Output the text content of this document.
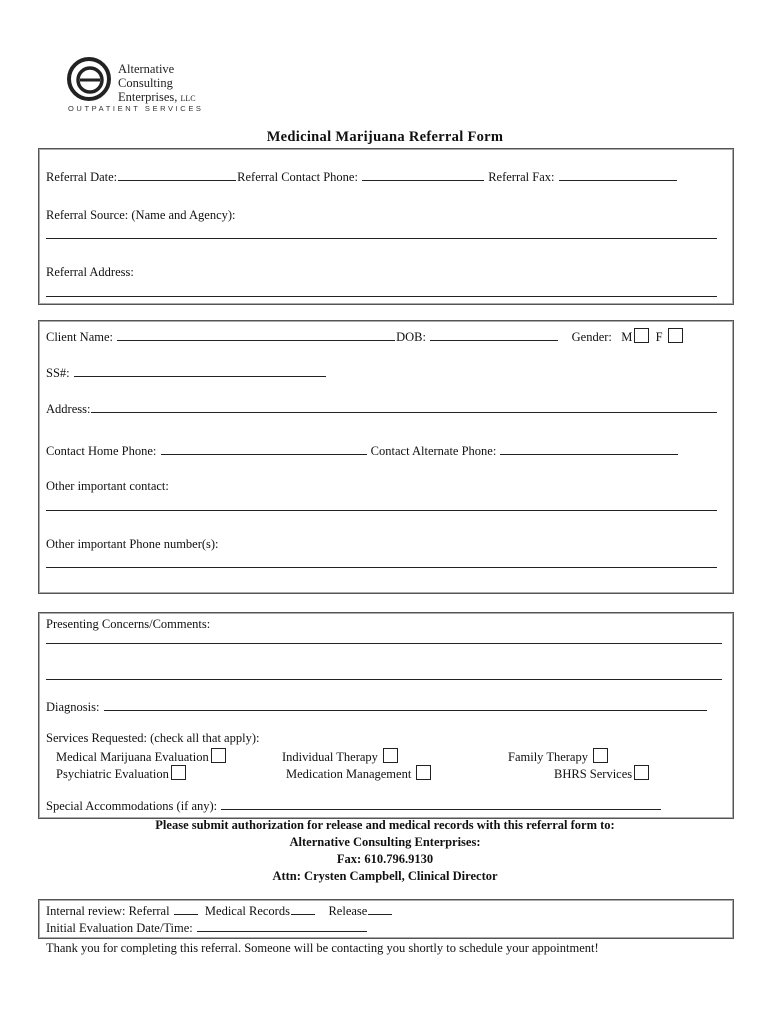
Alternative
Consulting
Enterprises, LLC
OUTPATIENT SERVICES
Medicinal Marijuana Referral Form
Referral Date:	Referral Contact Phone:	Referral Fax:
Referral Source: (Name and Agency):
Referral Address:
Client Name:	DOB:	Gender: M F
SS#:
Address:
Contact Home Phone:	Contact Alternate Phone:
Other important contact:
Other important Phone number(s):
Presenting Concerns/Comments:
Diagnosis:
Services Requested: (check all that apply):
Medical Marijuana Evaluation	Individual Therapy	Family Therapy
Psychiatric Evaluation	Medication Management	BHRS Services
Special Accommodations (if any):
Please submit authorization for release and medical records with this referral form to:
Alternative Consulting Enterprises:
Fax: 610.796.9130
Attn: Crysten Campbell, Clinical Director
Internal review: Referral	Medical Records	Release
Initial Evaluation Date/Time:
Thank you for completing this referral. Someone will be contacting you shortly to schedule your appointment!
